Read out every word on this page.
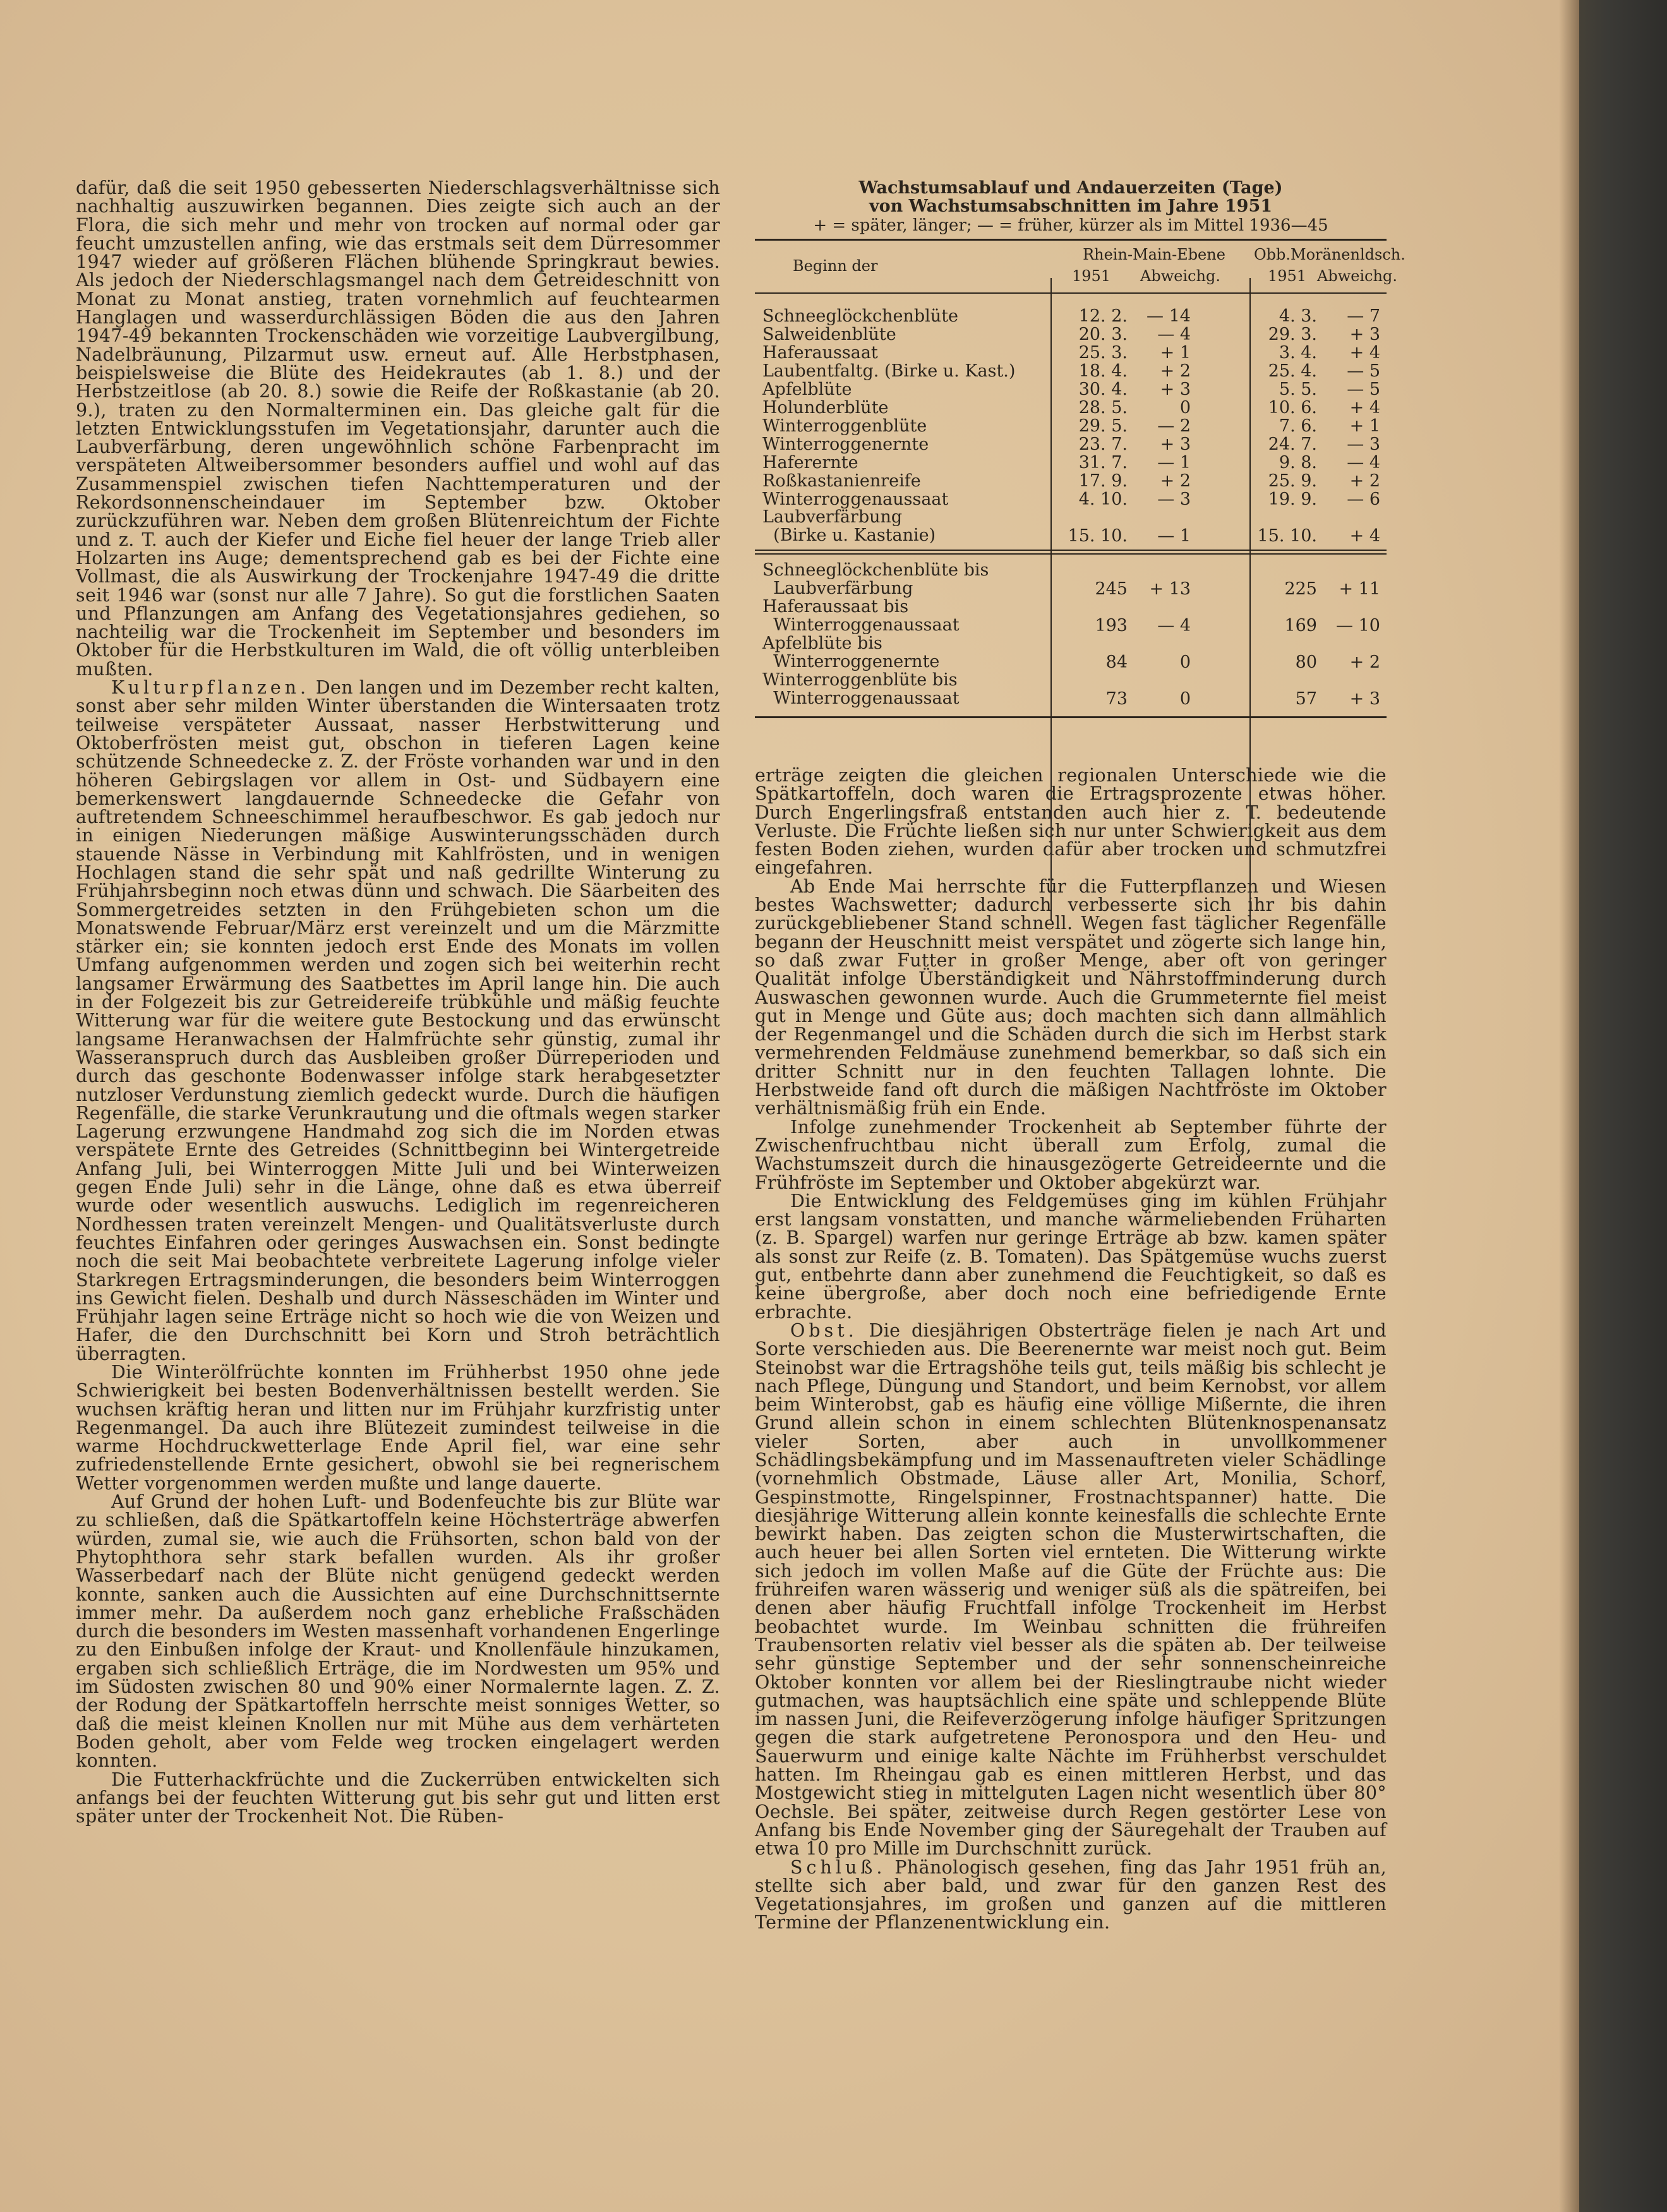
dafür, daß die seit 1950 gebesserten Niederschlagsverhältnisse sich nachhaltig auszuwirken begannen. Dies zeigte sich auch an der Flora, die sich mehr und mehr von trocken auf normal oder gar feucht umzustellen anfing, wie das erstmals seit dem Dürresommer 1947 wieder auf größeren Flächen blühende Springkraut bewies. Als jedoch der Niederschlagsmangel nach dem Getreideschnitt von Monat zu Monat anstieg, traten vornehmlich auf feuchtearmen Hanglagen und wasserdurchlässigen Böden die aus den Jahren 1947-49 bekannten Trockenschäden wie vorzeitige Laubvergilbung, Nadelbräunung, Pilzarmut usw. erneut auf. Alle Herbstphasen, beispielsweise die Blüte des Heidekrautes (ab 1. 8.) und der Herbstzeitlose (ab 20. 8.) sowie die Reife der Roßkastanie (ab 20. 9.), traten zu den Normalterminen ein. Das gleiche galt für die letzten Entwicklungsstufen im Vegetationsjahr, darunter auch die Laubverfärbung, deren ungewöhnlich schöne Farbenpracht im verspäteten Altweibersommer besonders auffiel und wohl auf das Zusammenspiel zwischen tiefen Nachttemperaturen und der Rekordsonnenscheindauer im September bzw. Oktober zurückzuführen war. Neben dem großen Blütenreichtum der Fichte und z. T. auch der Kiefer und Eiche fiel heuer der lange Trieb aller Holzarten ins Auge; dementsprechend gab es bei der Fichte eine Vollmast, die als Auswirkung der Trockenjahre 1947-49 die dritte seit 1946 war (sonst nur alle 7 Jahre). So gut die forstlichen Saaten und Pflanzungen am Anfang des Vegetationsjahres gediehen, so nachteilig war die Trockenheit im September und besonders im Oktober für die Herbstkulturen im Wald, die oft völlig unterbleiben mußten.

Kulturpflanzen. Den langen und im Dezember recht kalten, sonst aber sehr milden Winter überstanden die Wintersaaten trotz teilweise verspäteter Aussaat, nasser Herbstwitterung und Oktoberfrösten meist gut, obschon in tieferen Lagen keine schützende Schneedecke z. Z. der Fröste vorhanden war und in den höheren Gebirgslagen vor allem in Ost- und Südbayern eine bemerkenswert langdauernde Schneedecke die Gefahr von auftretendem Schneeschimmel heraufbeschwor. Es gab jedoch nur in einigen Niederungen mäßige Auswinterungsschäden durch stauende Nässe in Verbindung mit Kahlfrösten, und in wenigen Hochlagen stand die sehr spät und naß gedrillte Winterung zu Frühjahrsbeginn noch etwas dünn und schwach. Die Säarbeiten des Sommergetreides setzten in den Frühgebieten schon um die Monatswende Februar/März erst vereinzelt und um die Märzmitte stärker ein; sie konnten jedoch erst Ende des Monats im vollen Umfang aufgenommen werden und zogen sich bei weiterhin recht langsamer Erwärmung des Saatbettes im April lange hin. Die auch in der Folgezeit bis zur Getreidereife trübkühle und mäßig feuchte Witterung war für die weitere gute Bestockung und das erwünscht langsame Heranwachsen der Halmfrüchte sehr günstig, zumal ihr Wasseranspruch durch das Ausbleiben großer Dürreperioden und durch das geschonte Bodenwasser infolge stark herabgesetzter nutzloser Verdunstung ziemlich gedeckt wurde. Durch die häufigen Regenfälle, die starke Verunkrautung und die oftmals wegen starker Lagerung erzwungene Handmahd zog sich die im Norden etwas verspätete Ernte des Getreides (Schnittbeginn bei Wintergetreide Anfang Juli, bei Winterroggen Mitte Juli und bei Winterweizen gegen Ende Juli) sehr in die Länge, ohne daß es etwa überreif wurde oder wesentlich auswuchs. Lediglich im regenreicheren Nordhessen traten vereinzelt Mengen- und Qualitätsverluste durch feuchtes Einfahren oder geringes Auswachsen ein. Sonst bedingte noch die seit Mai beobachtete verbreitete Lagerung infolge vieler Starkregen Ertragsminderungen, die besonders beim Winterroggen ins Gewicht fielen. Deshalb und durch Nässeschäden im Winter und Frühjahr lagen seine Erträge nicht so hoch wie die von Weizen und Hafer, die den Durchschnitt bei Korn und Stroh beträchtlich überragten.

Die Winterölfrüchte konnten im Frühherbst 1950 ohne jede Schwierigkeit bei besten Bodenverhältnissen bestellt werden. Sie wuchsen kräftig heran und litten nur im Frühjahr kurzfristig unter Regenmangel. Da auch ihre Blütezeit zumindest teilweise in die warme Hochdruckwetterlage Ende April fiel, war eine sehr zufriedenstellende Ernte gesichert, obwohl sie bei regnerischem Wetter vorgenommen werden mußte und lange dauerte.

Auf Grund der hohen Luft- und Bodenfeuchte bis zur Blüte war zu schließen, daß die Spätkartoffeln keine Höchsterträge abwerfen würden, zumal sie, wie auch die Frühsorten, schon bald von der Phytophthora sehr stark befallen wurden. Als ihr großer Wasserbedarf nach der Blüte nicht genügend gedeckt werden konnte, sanken auch die Aussichten auf eine Durchschnittsernte immer mehr. Da außerdem noch ganz erhebliche Fraßschäden durch die besonders im Westen massenhaft vorhandenen Engerlinge zu den Einbußen infolge der Kraut- und Knollenfäule hinzukamen, ergaben sich schließlich Erträge, die im Nordwesten um 95% und im Südosten zwischen 80 und 90% einer Normalernte lagen. Z. Z. der Rodung der Spätkartoffeln herrschte meist sonniges Wetter, so daß die meist kleinen Knollen nur mit Mühe aus dem verhärteten Boden geholt, aber vom Felde weg trocken eingelagert werden konnten.

Die Futterhackfrüchte und die Zuckerrüben entwickelten sich anfangs bei der feuchten Witterung gut bis sehr gut und litten erst später unter der Trockenheit Not. Die Rüben-

Wachstumsablauf und Andauerzeiten (Tage)
von Wachstumsabschnitten im Jahre 1951
+ = später, länger; — = früher, kürzer als im Mittel 1936—45
Beginn der
Rhein-Main-Ebene	Obb.Moränenldsch.
1951 Abweichg.	1951 Abweichg.
Schneeglöckchenblüte	12. 2.	— 14	4. 3.	— 7
Salweidenblüte	20. 3.	— 4	29. 3.	+ 3
Haferaussaat	25. 3.	+ 1	3. 4.	+ 4
Laubentfaltg. (Birke u. Kast.)	18. 4.	+ 2	25. 4.	— 5
Apfelblüte	30. 4.	+ 3	5. 5.	— 5
Holunderblüte	28. 5.	0	10. 6.	+ 4
Winterroggenblüte	29. 5.	— 2	7. 6.	+ 1
Winterroggenernte	23. 7.	+ 3	24. 7.	— 3
Haferernte	31. 7.	— 1	9. 8.	— 4
Roßkastanienreife	17. 9.	+ 2	25. 9.	+ 2
Winterroggenaussaat	4. 10.	— 3	19. 9.	— 6
Laubverfärbung
(Birke u. Kastanie)	15. 10.	— 1	15. 10.	+ 4
Schneeglöckchenblüte bis
Laubverfärbung	245	+ 13	225	+ 11
Haferaussaat bis
Winterroggenaussaat	193	— 4	169	— 10
Apfelblüte bis
Winterroggenernte	84	0	80	+ 2
Winterroggenblüte bis
Winterroggenaussaat	73	0	57	+ 3

erträge zeigten die gleichen regionalen Unterschiede wie die Spätkartoffeln, doch waren die Ertragsprozente etwas höher. Durch Engerlingsfraß entstanden auch hier z. T. bedeutende Verluste. Die Früchte ließen sich nur unter Schwierigkeit aus dem festen Boden ziehen, wurden dafür aber trocken und schmutzfrei eingefahren.

Ab Ende Mai herrschte für die Futterpflanzen und Wiesen bestes Wachswetter; dadurch verbesserte sich ihr bis dahin zurückgebliebener Stand schnell. Wegen fast täglicher Regenfälle begann der Heuschnitt meist verspätet und zögerte sich lange hin, so daß zwar Futter in großer Menge, aber oft von geringer Qualität infolge Überständigkeit und Nährstoffminderung durch Auswaschen gewonnen wurde. Auch die Grummeternte fiel meist gut in Menge und Güte aus; doch machten sich dann allmählich der Regenmangel und die Schäden durch die sich im Herbst stark vermehrenden Feldmäuse zunehmend bemerkbar, so daß sich ein dritter Schnitt nur in den feuchten Tallagen lohnte. Die Herbstweide fand oft durch die mäßigen Nachtfröste im Oktober verhältnismäßig früh ein Ende.

Infolge zunehmender Trockenheit ab September führte der Zwischenfruchtbau nicht überall zum Erfolg, zumal die Wachstumszeit durch die hinausgezögerte Getreideernte und die Frühfröste im September und Oktober abgekürzt war.

Die Entwicklung des Feldgemüses ging im kühlen Frühjahr erst langsam vonstatten, und manche wärmeliebenden Früharten (z. B. Spargel) warfen nur geringe Erträge ab bzw. kamen später als sonst zur Reife (z. B. Tomaten). Das Spätgemüse wuchs zuerst gut, entbehrte dann aber zunehmend die Feuchtigkeit, so daß es keine übergroße, aber doch noch eine befriedigende Ernte erbrachte.

Obst. Die diesjährigen Obsterträge fielen je nach Art und Sorte verschieden aus. Die Beerenernte war meist noch gut. Beim Steinobst war die Ertragshöhe teils gut, teils mäßig bis schlecht je nach Pflege, Düngung und Standort, und beim Kernobst, vor allem beim Winterobst, gab es häufig eine völlige Mißernte, die ihren Grund allein schon in einem schlechten Blütenknospenansatz vieler Sorten, aber auch in unvollkommener Schädlingsbekämpfung und im Massenauftreten vieler Schädlinge (vornehmlich Obstmade, Läuse aller Art, Monilia, Schorf, Gespinstmotte, Ringelspinner, Frostnachtspanner) hatte. Die diesjährige Witterung allein konnte keinesfalls die schlechte Ernte bewirkt haben. Das zeigten schon die Musterwirtschaften, die auch heuer bei allen Sorten viel ernteten. Die Witterung wirkte sich jedoch im vollen Maße auf die Güte der Früchte aus: Die frühreifen waren wässerig und weniger süß als die spätreifen, bei denen aber häufig Fruchtfall infolge Trockenheit im Herbst beobachtet wurde. Im Weinbau schnitten die frühreifen Traubensorten relativ viel besser als die späten ab. Der teilweise sehr günstige September und der sehr sonnenscheinreiche Oktober konnten vor allem bei der Rieslingtraube nicht wieder gutmachen, was hauptsächlich eine späte und schleppende Blüte im nassen Juni, die Reifeverzögerung infolge häufiger Spritzungen gegen die stark aufgetretene Peronospora und den Heu- und Sauerwurm und einige kalte Nächte im Frühherbst verschuldet hatten. Im Rheingau gab es einen mittleren Herbst, und das Mostgewicht stieg in mittelguten Lagen nicht wesentlich über 80° Oechsle. Bei später, zeitweise durch Regen gestörter Lese von Anfang bis Ende November ging der Säuregehalt der Trauben auf etwa 10 pro Mille im Durchschnitt zurück.

Schluß. Phänologisch gesehen, fing das Jahr 1951 früh an, stellte sich aber bald, und zwar für den ganzen Rest des Vegetationsjahres, im großen und ganzen auf die mittleren Termine der Pflanzenentwicklung ein.
